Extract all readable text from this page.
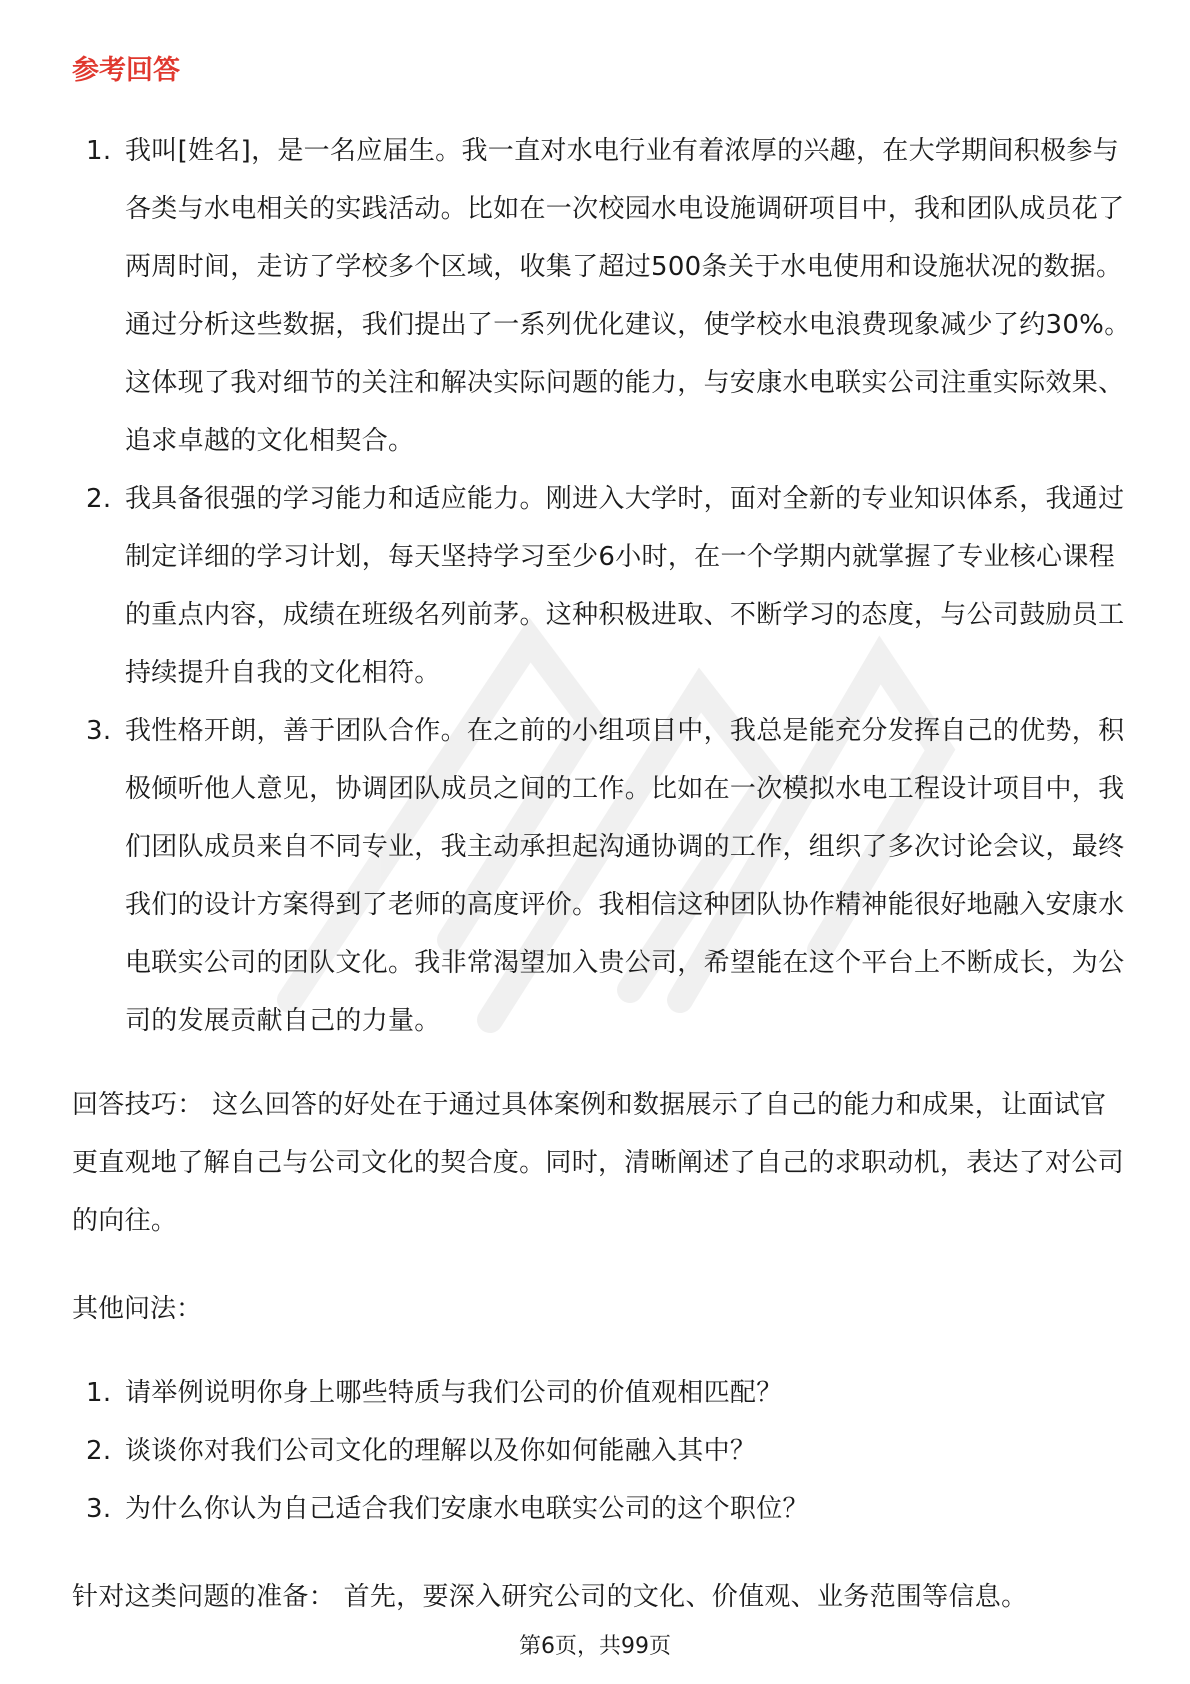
参考回答
1. 我叫[姓名]，是一名应届生。我一直对水电行业有着浓厚的兴趣，在大学期间积极参与各类与水电相关的实践活动。比如在一次校园水电设施调研项目中，我和团队成员花了两周时间，走访了学校多个区域，收集了超过500条关于水电使用和设施状况的数据。通过分析这些数据，我们提出了一系列优化建议，使学校水电浪费现象减少了约30%。这体现了我对细节的关注和解决实际问题的能力，与安康水电联实公司注重实际效果、追求卓越的文化相契合。
2. 我具备很强的学习能力和适应能力。刚进入大学时，面对全新的专业知识体系，我通过制定详细的学习计划，每天坚持学习至少6小时，在一个学期内就掌握了专业核心课程的重点内容，成绩在班级名列前茅。这种积极进取、不断学习的态度，与公司鼓励员工持续提升自我的文化相符。
3. 我性格开朗，善于团队合作。在之前的小组项目中，我总是能充分发挥自己的优势，积极倾听他人意见，协调团队成员之间的工作。比如在一次模拟水电工程设计项目中，我们团队成员来自不同专业，我主动承担起沟通协调的工作，组织了多次讨论会议，最终我们的设计方案得到了老师的高度评价。我相信这种团队协作精神能很好地融入安康水电联实公司的团队文化。我非常渴望加入贵公司，希望能在这个平台上不断成长，为公司的发展贡献自己的力量。

回答技巧： 这么回答的好处在于通过具体案例和数据展示了自己的能力和成果，让面试官更直观地了解自己与公司文化的契合度。同时，清晰阐述了自己的求职动机，表达了对公司的向往。

其他问法：
1. 请举例说明你身上哪些特质与我们公司的价值观相匹配？
2. 谈谈你对我们公司文化的理解以及你如何能融入其中？
3. 为什么你认为自己适合我们安康水电联实公司的这个职位？

针对这类问题的准备： 首先，要深入研究公司的文化、价值观、业务范围等信息。

第6页，共99页
